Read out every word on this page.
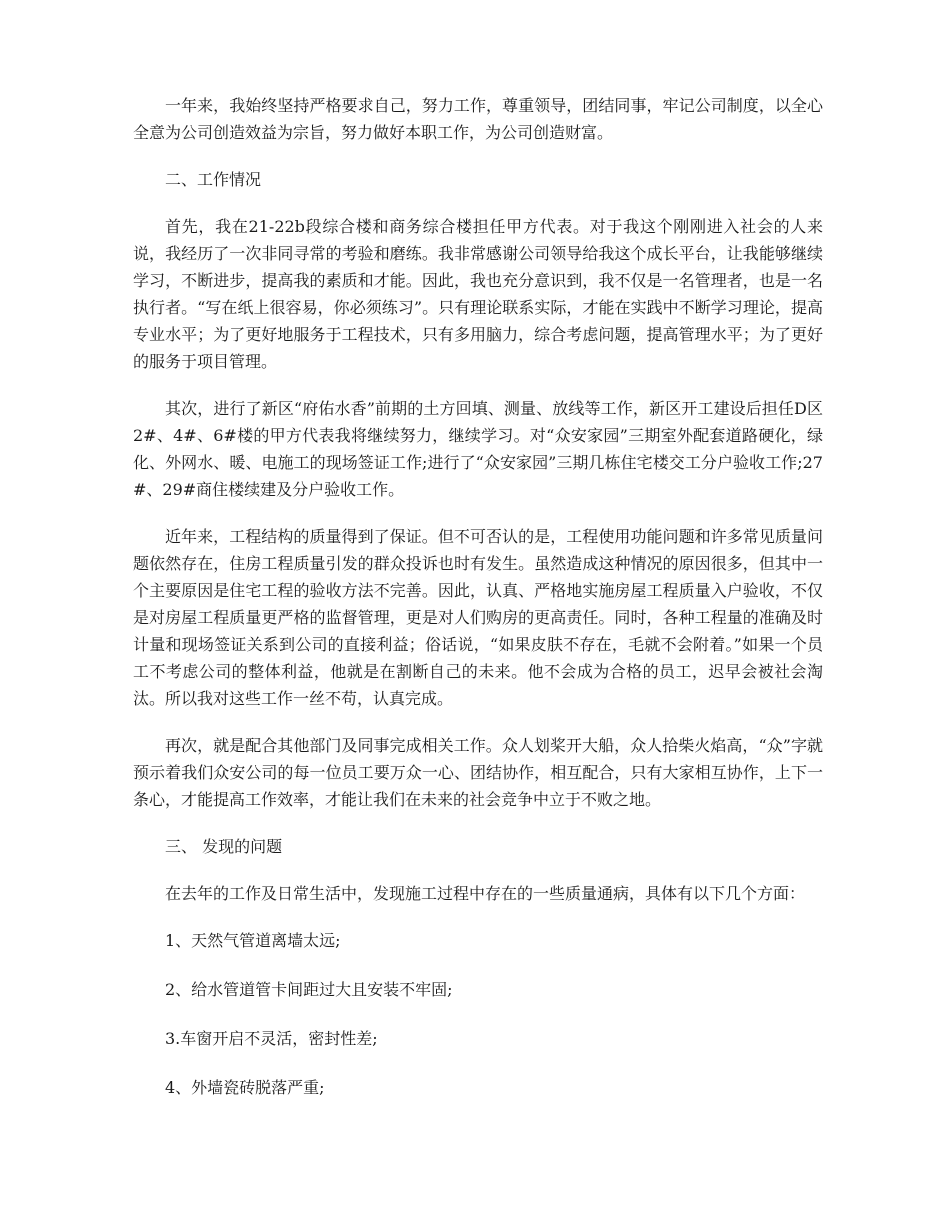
一年来，我始终坚持严格要求自己，努力工作，尊重领导，团结同事，牢记公司制度，以全心全意为公司创造效益为宗旨，努力做好本职工作，为公司创造财富。

二、工作情况

首先，我在21-22b段综合楼和商务综合楼担任甲方代表。对于我这个刚刚进入社会的人来说，我经历了一次非同寻常的考验和磨练。我非常感谢公司领导给我这个成长平台，让我能够继续学习，不断进步，提高我的素质和才能。因此，我也充分意识到，我不仅是一名管理者，也是一名执行者。“写在纸上很容易，你必须练习”。只有理论联系实际，才能在实践中不断学习理论，提高专业水平；为了更好地服务于工程技术，只有多用脑力，综合考虑问题，提高管理水平；为了更好的服务于项目管理。

其次，进行了新区“府佑水香”前期的土方回填、测量、放线等工作，新区开工建设后担任D区2#、4#、6#楼的甲方代表我将继续努力，继续学习。对“众安家园”三期室外配套道路硬化，绿化、外网水、暖、电施工的现场签证工作;进行了“众安家园”三期几栋住宅楼交工分户验收工作;27#、29#商住楼续建及分户验收工作。

近年来，工程结构的质量得到了保证。但不可否认的是，工程使用功能问题和许多常见质量问题依然存在，住房工程质量引发的群众投诉也时有发生。虽然造成这种情况的原因很多，但其中一个主要原因是住宅工程的验收方法不完善。因此，认真、严格地实施房屋工程质量入户验收，不仅是对房屋工程质量更严格的监督管理，更是对人们购房的更高责任。同时，各种工程量的准确及时计量和现场签证关系到公司的直接利益；俗话说，“如果皮肤不存在，毛就不会附着。”如果一个员工不考虑公司的整体利益，他就是在割断自己的未来。他不会成为合格的员工，迟早会被社会淘汰。所以我对这些工作一丝不苟，认真完成。

再次，就是配合其他部门及同事完成相关工作。众人划桨开大船，众人拾柴火焰高，“众”字就预示着我们众安公司的每一位员工要万众一心、团结协作，相互配合，只有大家相互协作，上下一条心，才能提高工作效率，才能让我们在未来的社会竞争中立于不败之地。

三、 发现的问题

在去年的工作及日常生活中，发现施工过程中存在的一些质量通病，具体有以下几个方面：

1、天然气管道离墙太远;

2、给水管道管卡间距过大且安装不牢固;

3.车窗开启不灵活，密封性差;

4、外墙瓷砖脱落严重;
